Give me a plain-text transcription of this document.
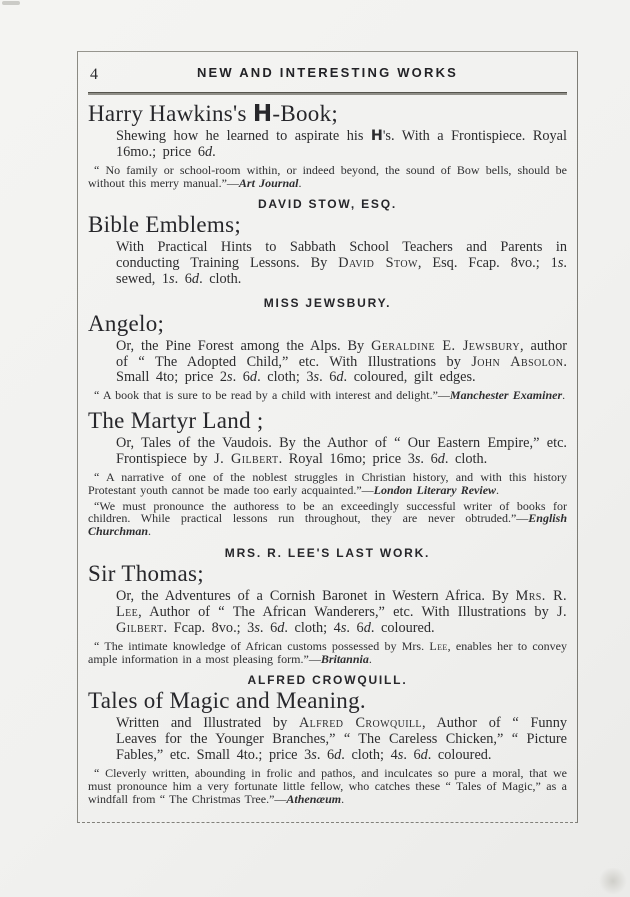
4	NEW AND INTERESTING WORKS
Harry Hawkins's H-Book;

Shewing how he learned to aspirate his H's. With a Frontispiece. Royal 16mo.; price 6d.

“ No family or school-room within, or indeed beyond, the sound of Bow bells, should be without this merry manual.”—Art Journal.

DAVID STOW, ESQ.
Bible Emblems;

With Practical Hints to Sabbath School Teachers and Parents in conducting Training Lessons. By David Stow, Esq. Fcap. 8vo.; 1s. sewed, 1s. 6d. cloth.

MISS JEWSBURY.
Angelo;

Or, the Pine Forest among the Alps. By Geraldine E. Jewsbury, author of “ The Adopted Child,” etc. With Illustrations by John Absolon. Small 4to; price 2s. 6d. cloth; 3s. 6d. coloured, gilt edges.

“ A book that is sure to be read by a child with interest and delight.”—Manchester Examiner.

The Martyr Land ;

Or, Tales of the Vaudois. By the Author of “ Our Eastern Empire,” etc. Frontispiece by J. Gilbert. Royal 16mo; price 3s. 6d. cloth.

“ A narrative of one of the noblest struggles in Christian history, and with this history Protestant youth cannot be made too early acquainted.”—London Literary Review.

“We must pronounce the authoress to be an exceedingly successful writer of books for children. While practical lessons run throughout, they are never obtruded.”—English Churchman.

MRS. R. LEE'S LAST WORK.
Sir Thomas;

Or, the Adventures of a Cornish Baronet in Western Africa. By Mrs. R. Lee, Author of “ The African Wanderers,” etc. With Illustrations by J. Gilbert. Fcap. 8vo.; 3s. 6d. cloth; 4s. 6d. coloured.

“ The intimate knowledge of African customs possessed by Mrs. Lee, enables her to convey ample information in a most pleasing form.”—Britannia.

ALFRED CROWQUILL.
Tales of Magic and Meaning.

Written and Illustrated by Alfred Crowquill, Author of “ Funny Leaves for the Younger Branches,” “ The Careless Chicken,” “ Picture Fables,” etc. Small 4to.; price 3s. 6d. cloth; 4s. 6d. coloured.

“ Cleverly written, abounding in frolic and pathos, and inculcates so pure a moral, that we must pronounce him a very fortunate little fellow, who catches these “ Tales of Magic,” as a windfall from “ The Christmas Tree.”—Athenæum.
